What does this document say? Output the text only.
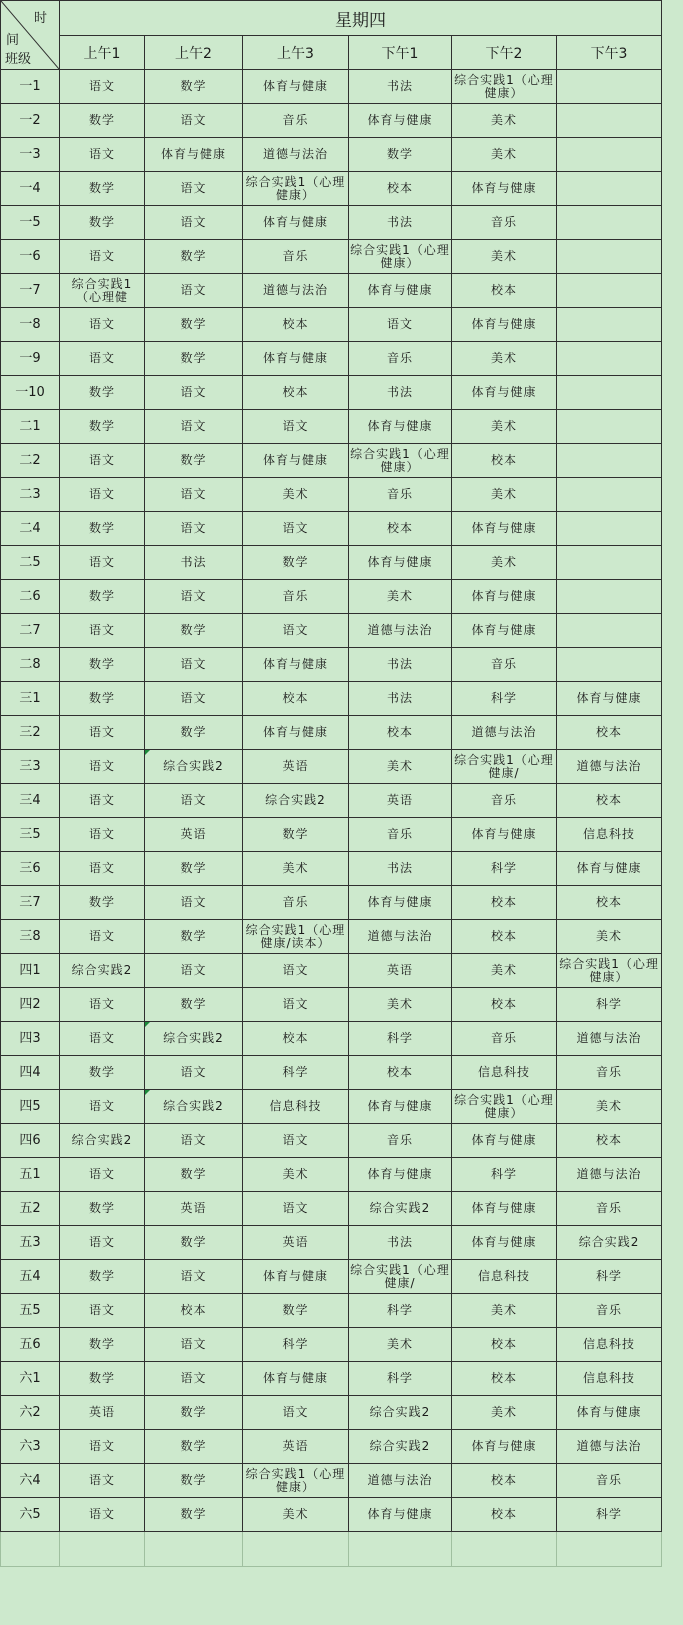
时
间
班级	星期四					
	上午1	上午2	上午3	下午1	下午2	下午3
一1	语文	数学	体育与健康	书法	综合实践1（心理健康）	
一2	数学	语文	音乐	体育与健康	美术	
一3	语文	体育与健康	道德与法治	数学	美术	
一4	数学	语文	综合实践1（心理健康）	校本	体育与健康	
一5	数学	语文	体育与健康	书法	音乐	
一6	语文	数学	音乐	综合实践1（心理健康）	美术	
一7	综合实践1（心理健	语文	道德与法治	体育与健康	校本	
一8	语文	数学	校本	语文	体育与健康	
一9	语文	数学	体育与健康	音乐	美术	
一10	数学	语文	校本	书法	体育与健康	
二1	数学	语文	语文	体育与健康	美术	
二2	语文	数学	体育与健康	综合实践1（心理健康）	校本	
二3	语文	语文	美术	音乐	美术	
二4	数学	语文	语文	校本	体育与健康	
二5	语文	书法	数学	体育与健康	美术	
二6	数学	语文	音乐	美术	体育与健康	
二7	语文	数学	语文	道德与法治	体育与健康	
二8	数学	语文	体育与健康	书法	音乐	
三1	数学	语文	校本	书法	科学	体育与健康
三2	语文	数学	体育与健康	校本	道德与法治	校本
三3	语文	综合实践2	英语	美术	综合实践1（心理健康/	道德与法治
三4	语文	语文	综合实践2	英语	音乐	校本
三5	语文	英语	数学	音乐	体育与健康	信息科技
三6	语文	数学	美术	书法	科学	体育与健康
三7	数学	语文	音乐	体育与健康	校本	校本
三8	语文	数学	综合实践1（心理健康/读本）	道德与法治	校本	美术
四1	综合实践2	语文	语文	英语	美术	综合实践1（心理健康）
四2	语文	数学	语文	美术	校本	科学
四3	语文	综合实践2	校本	科学	音乐	道德与法治
四4	数学	语文	科学	校本	信息科技	音乐
四5	语文	综合实践2	信息科技	体育与健康	综合实践1（心理健康）	美术
四6	综合实践2	语文	语文	音乐	体育与健康	校本
五1	语文	数学	美术	体育与健康	科学	道德与法治
五2	数学	英语	语文	综合实践2	体育与健康	音乐
五3	语文	数学	英语	书法	体育与健康	综合实践2
五4	数学	语文	体育与健康	综合实践1（心理健康/	信息科技	科学
五5	语文	校本	数学	科学	美术	音乐
五6	数学	语文	科学	美术	校本	信息科技
六1	数学	语文	体育与健康	科学	校本	信息科技
六2	英语	数学	语文	综合实践2	美术	体育与健康
六3	语文	数学	英语	综合实践2	体育与健康	道德与法治
六4	语文	数学	综合实践1（心理健康）	道德与法治	校本	音乐
六5	语文	数学	美术	体育与健康	校本	科学
